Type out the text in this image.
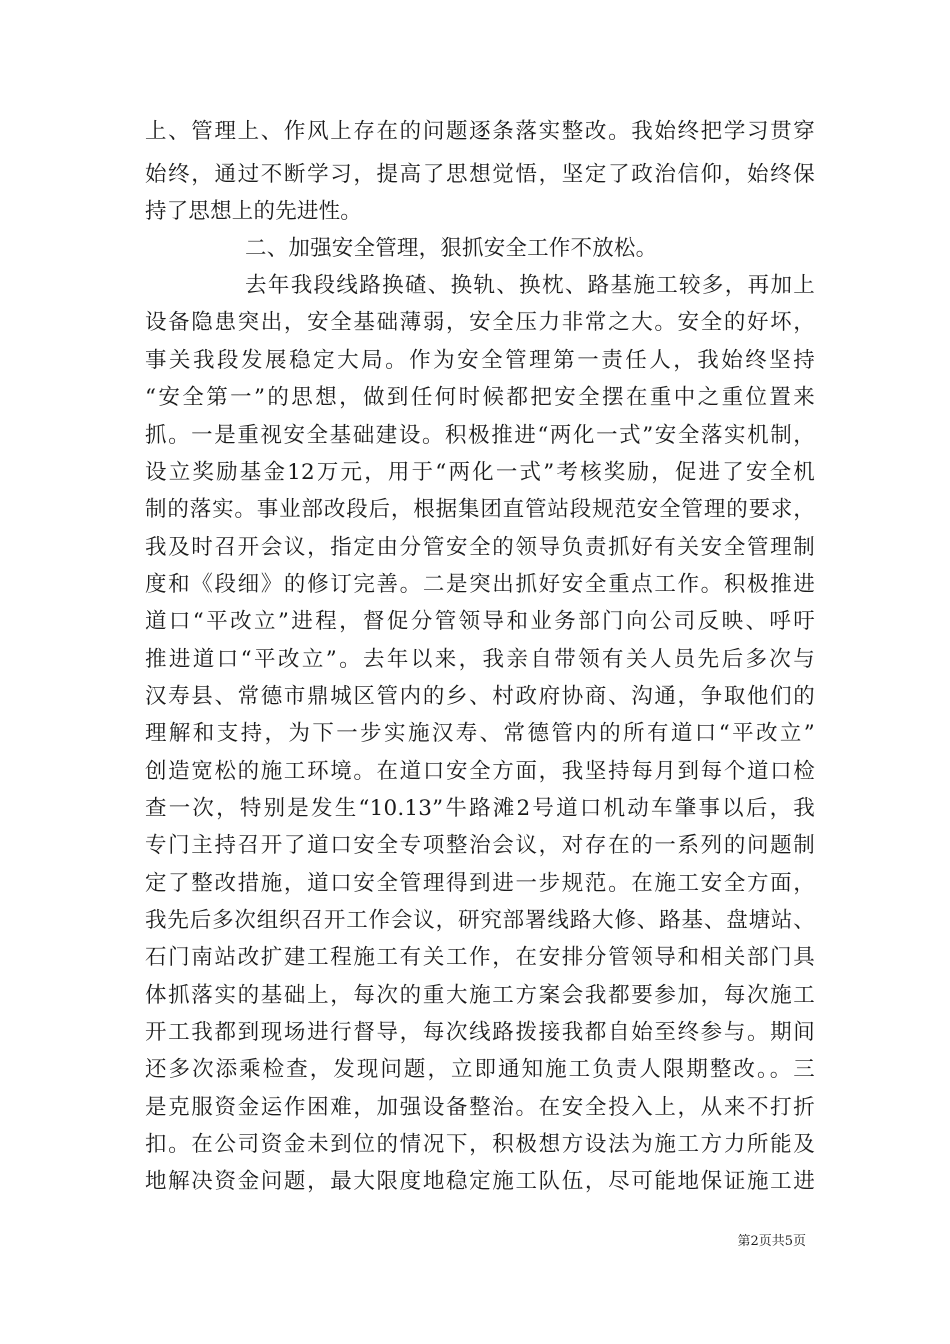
上、管理上、作风上存在的问题逐条落实整改。我始终把学习贯穿
始终，通过不断学习，提高了思想觉悟，坚定了政治信仰，始终保
持了思想上的先进性。
二、加强安全管理，狠抓安全工作不放松。
去年我段线路换碴、换轨、换枕、路基施工较多，再加上
设备隐患突出，安全基础薄弱，安全压力非常之大。安全的好坏，
事关我段发展稳定大局。作为安全管理第一责任人，我始终坚持
“安全第一”的思想，做到任何时候都把安全摆在重中之重位置来
抓。一是重视安全基础建设。积极推进“两化一式”安全落实机制，
设立奖励基金12万元，用于“两化一式”考核奖励，促进了安全机
制的落实。事业部改段后，根据集团直管站段规范安全管理的要求，
我及时召开会议，指定由分管安全的领导负责抓好有关安全管理制
度和《段细》的修订完善。二是突出抓好安全重点工作。积极推进
道口“平改立”进程，督促分管领导和业务部门向公司反映、呼吁
推进道口“平改立”。去年以来，我亲自带领有关人员先后多次与
汉寿县、常德市鼎城区管内的乡、村政府协商、沟通，争取他们的
理解和支持，为下一步实施汉寿、常德管内的所有道口“平改立”
创造宽松的施工环境。在道口安全方面，我坚持每月到每个道口检
查一次，特别是发生“10.13”牛路滩2号道口机动车肇事以后，我
专门主持召开了道口安全专项整治会议，对存在的一系列的问题制
定了整改措施，道口安全管理得到进一步规范。在施工安全方面，
我先后多次组织召开工作会议，研究部署线路大修、路基、盘塘站、
石门南站改扩建工程施工有关工作，在安排分管领导和相关部门具
体抓落实的基础上，每次的重大施工方案会我都要参加，每次施工
开工我都到现场进行督导，每次线路拨接我都自始至终参与。期间
还多次添乘检查，发现问题，立即通知施工负责人限期整改。。三
是克服资金运作困难，加强设备整治。在安全投入上，从来不打折
扣。在公司资金未到位的情况下，积极想方设法为施工方力所能及
地解决资金问题，最大限度地稳定施工队伍，尽可能地保证施工进
第2页共5页
